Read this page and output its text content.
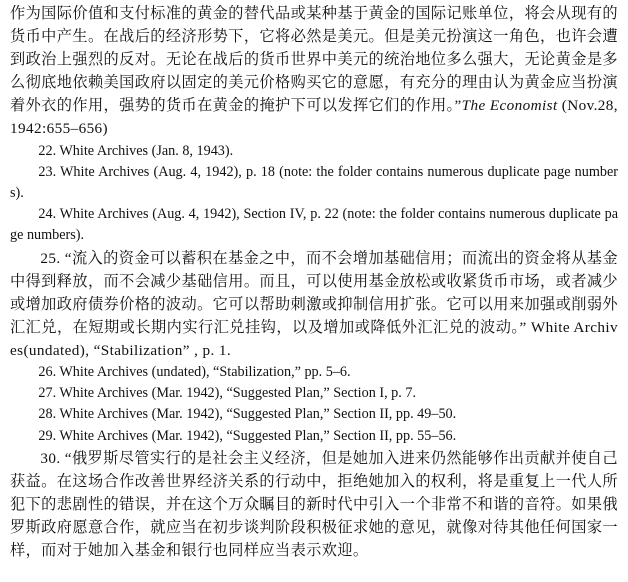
作为国际价值和支付标准的黄金的替代品或某种基于黄金的国际记账单位，将会从现有的货币中产生。在战后的经济形势下，它将必然是美元。但是美元扮演这一角色，也许会遭到政治上强烈的反对。无论在战后的货币世界中美元的统治地位多么强大，无论黄金是多么彻底地依赖美国政府以固定的美元价格购买它的意愿，有充分的理由认为黄金应当扮演着外衣的作用，强势的货币在黄金的掩护下可以发挥它们的作用。”The Economist (Nov.28, 1942:655–656)

22. White Archives (Jan. 8, 1943).

23. White Archives (Aug. 4, 1942), p. 18 (note: the folder contains numerous duplicate page numbers).

24. White Archives (Aug. 4, 1942), Section IV, p. 22 (note: the folder contains numerous duplicate page numbers).

25. “流入的资金可以蓄积在基金之中，而不会增加基础信用；而流出的资金将从基金中得到释放，而不会减少基础信用。而且，可以使用基金放松或收紧货币市场，或者减少或增加政府债券价格的波动。它可以帮助刺激或抑制信用扩张。它可以用来加强或削弱外汇汇兑，在短期或长期内实行汇兑挂钩，以及增加或降低外汇汇兑的波动。” White Archives(undated), “Stabilization” , p. 1.

26. White Archives (undated), “Stabilization,” pp. 5–6.

27. White Archives (Mar. 1942), “Suggested Plan,” Section I, p. 7.

28. White Archives (Mar. 1942), “Suggested Plan,” Section II, pp. 49–50.

29. White Archives (Mar. 1942), “Suggested Plan,” Section II, pp. 55–56.

30. “俄罗斯尽管实行的是社会主义经济，但是她加入进来仍然能够作出贡献并使自己获益。在这场合作改善世界经济关系的行动中，拒绝她加入的权利，将是重复上一代人所犯下的悲剧性的错误，并在这个万众瞩目的新时代中引入一个非常不和谐的音符。如果俄罗斯政府愿意合作，就应当在初步谈判阶段积极征求她的意见，就像对待其他任何国家一样，而对于她加入基金和银行也同样应当表示欢迎。
